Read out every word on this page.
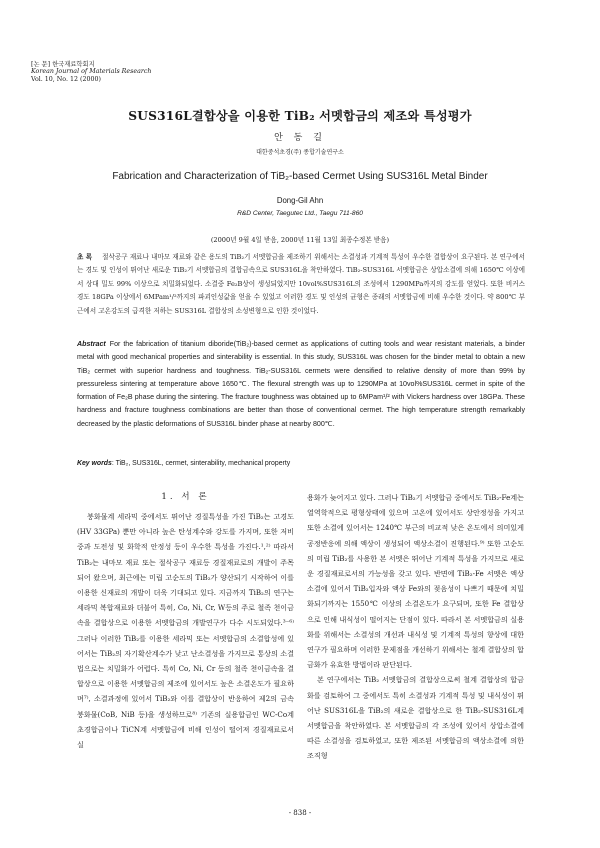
[논 문] 한국재료학회지
Korean Journal of Materials Research
Vol. 10, No. 12 (2000)
SUS316L결합상을 이용한 TiB₂ 서멧합금의 제조와 특성평가
안 동 길
대한중석초경(주) 종합기술연구소
Fabrication and Characterization of TiB₂-based Cermet Using SUS316L Metal Binder
Dong-Gil Ahn
R&D Center, Taegutec Ltd., Taegu 711-860
(2000년 9월 4일 받음, 2000년 11월 13일 최종수정본 받음)
초 록 절삭공구 재료나 내마모 재료와 같은 용도의 TiB₂기 서멧합금을 제조하기 위해서는 소결성과 기계적 특성이 우수한 결합상이 요구된다. 본 연구에서는 경도 및 인성이 뛰어난 새로운 TiB₂기 서멧합금의 결합금속으로 SUS316L을 착안하였다. TiB₂-SUS316L 서멧합금은 상압소결에 의해 1650℃ 이상에서 상대 밀도 99% 이상으로 치밀화되었다. 소결중 Fe₂B상이 생성되었지만 10vol%SUS316L의 조성에서 1290MPa까지의 강도를 얻었다. 또한 비커스 경도 18GPa 이상에서 6MPam¹/²까지의 파괴인성값을 얻을 수 있었고 이러한 경도 및 인성의 균형은 종래의 서멧합금에 비해 우수한 것이다. 약 800℃ 부근에서 고온강도의 급격한 저하는 SUS316L 결합상의 소성변형으로 인한 것이었다.
Abstract For the fabrication of titanium diboride(TiB₂)-based cermet as applications of cutting tools and wear resistant materials, a binder metal with good mechanical properties and sinterability is essential. In this study, SUS316L was chosen for the binder metal to obtain a new TiB₂ cermet with superior hardness and toughness. TiB₂-SUS316L cermets were densified to relative density of more than 99% by pressureless sintering at temperature above 1650℃. The flexural strength was up to 1290MPa at 10vol%SUS316L cermet in spite of the formation of Fe₂B phase during the sintering. The fracture toughness was obtained up to 6MPam¹/² with Vickers hardness over 18GPa. These hardness and fracture toughness combinations are better than those of conventional cermet. The high temperature strength remarkably decreased by the plastic deformations of SUS316L binder phase at nearby 800℃.
Key words: TiB₂, SUS316L, cermet, sinterability, mechanical property
1. 서 론

붕화물계 세라믹 중에서도 뛰어난 경질특성을 가진 TiB₂는 고경도(HV 33GPa) 뿐만 아니라 높은 탄성계수와 강도를 가지며, 또한 저비중과 도전성 및 화학적 안정성 등이 우수한 특성을 가진다.¹,²⁾ 따라서 TiB₂는 내마모 재료 또는 절삭공구 재료등 경질재료로의 개발이 주목되어 왔으며, 최근에는 미립 고순도의 TiB₂가 양산되기 시작하여 이를 이용한 신재료의 개발이 더욱 기대되고 있다. 지금까지 TiB₂의 연구는 세라믹 복합재료와 더불어 특히, Co, Ni, Cr, W등의 주로 철족 천이금속을 결합상으로 이용한 서멧합금의 개발연구가 다수 시도되었다.³⁻⁶⁾ 그러나 이러한 TiB₂를 이용한 세라믹 또는 서멧합금의 소결합성에 있어서는 TiB₂의 자기확산계수가 낮고 난소결성을 가지므로 통상의 소결법으로는 치밀화가 어렵다. 특히 Co, Ni, Cr 등의 철족 천이금속을 결합상으로 이용한 서멧합금의 제조에 있어서도 높은 소결온도가 필요하며⁷⁾, 소결과정에 있어서 TiB₂와 이를 결합상이 반응하여 제2의 금속 붕화물(CoB, NiB 등)을 생성하므로⁸⁾ 기존의 실용합금인 WC-Co계 초경합금이나 TiCN계 서멧합금에 비해 인성이 떨어져 경질재료로서 실

용화가 늦어지고 있다. 그러나 TiB₂기 서멧합금 중에서도 TiB₂-Fe계는 열역학적으로 평형상태에 있으며 고온에 있어서도 상안정성을 가지고 또한 소결에 있어서는 1240℃ 부근의 비교적 낮은 온도에서 의미있게 공정반응에 의해 액상이 생성되어 액상소결이 진행된다.⁹⁾ 또한 고순도의 미립 TiB₂를 사용한 본 서멧은 뛰어난 기계적 특성을 가지므로 새로운 경질재료로서의 가능성을 갖고 있다. 반면에 TiB₂-Fe 서멧은 액상소결에 있어서 TiB₂입자와 액상 Fe와의 젖음성이 나쁘기 때문에 치밀화되기까지는 1550℃ 이상의 소결온도가 요구되며, 또한 Fe 결합상으로 인해 내식성이 떨어지는 단점이 있다. 따라서 본 서멧합금의 실용화를 위해서는 소결성의 개선과 내식성 및 기계적 특성의 향상에 대한 연구가 필요하며 이러한 문제점을 개선하기 위해서는 철계 결합상의 합금화가 유효한 방법이라 판단된다.

본 연구에서는 TiB₂ 서멧합금의 결합상으로써 철계 결합상의 합금화를 검토하여 그 중에서도 특히 소결성과 기계적 특성 및 내식성이 뛰어난 SUS316L을 TiB₂의 새로운 결합상으로 한 TiB₂-SUS316L계 서멧합금을 착안하였다. 본 서멧합금의 각 조성에 있어서 상압소결에 따른 소결성을 검토하였고, 또한 제조된 서멧합금의 액상소결에 의한 조직형

- 838 -
